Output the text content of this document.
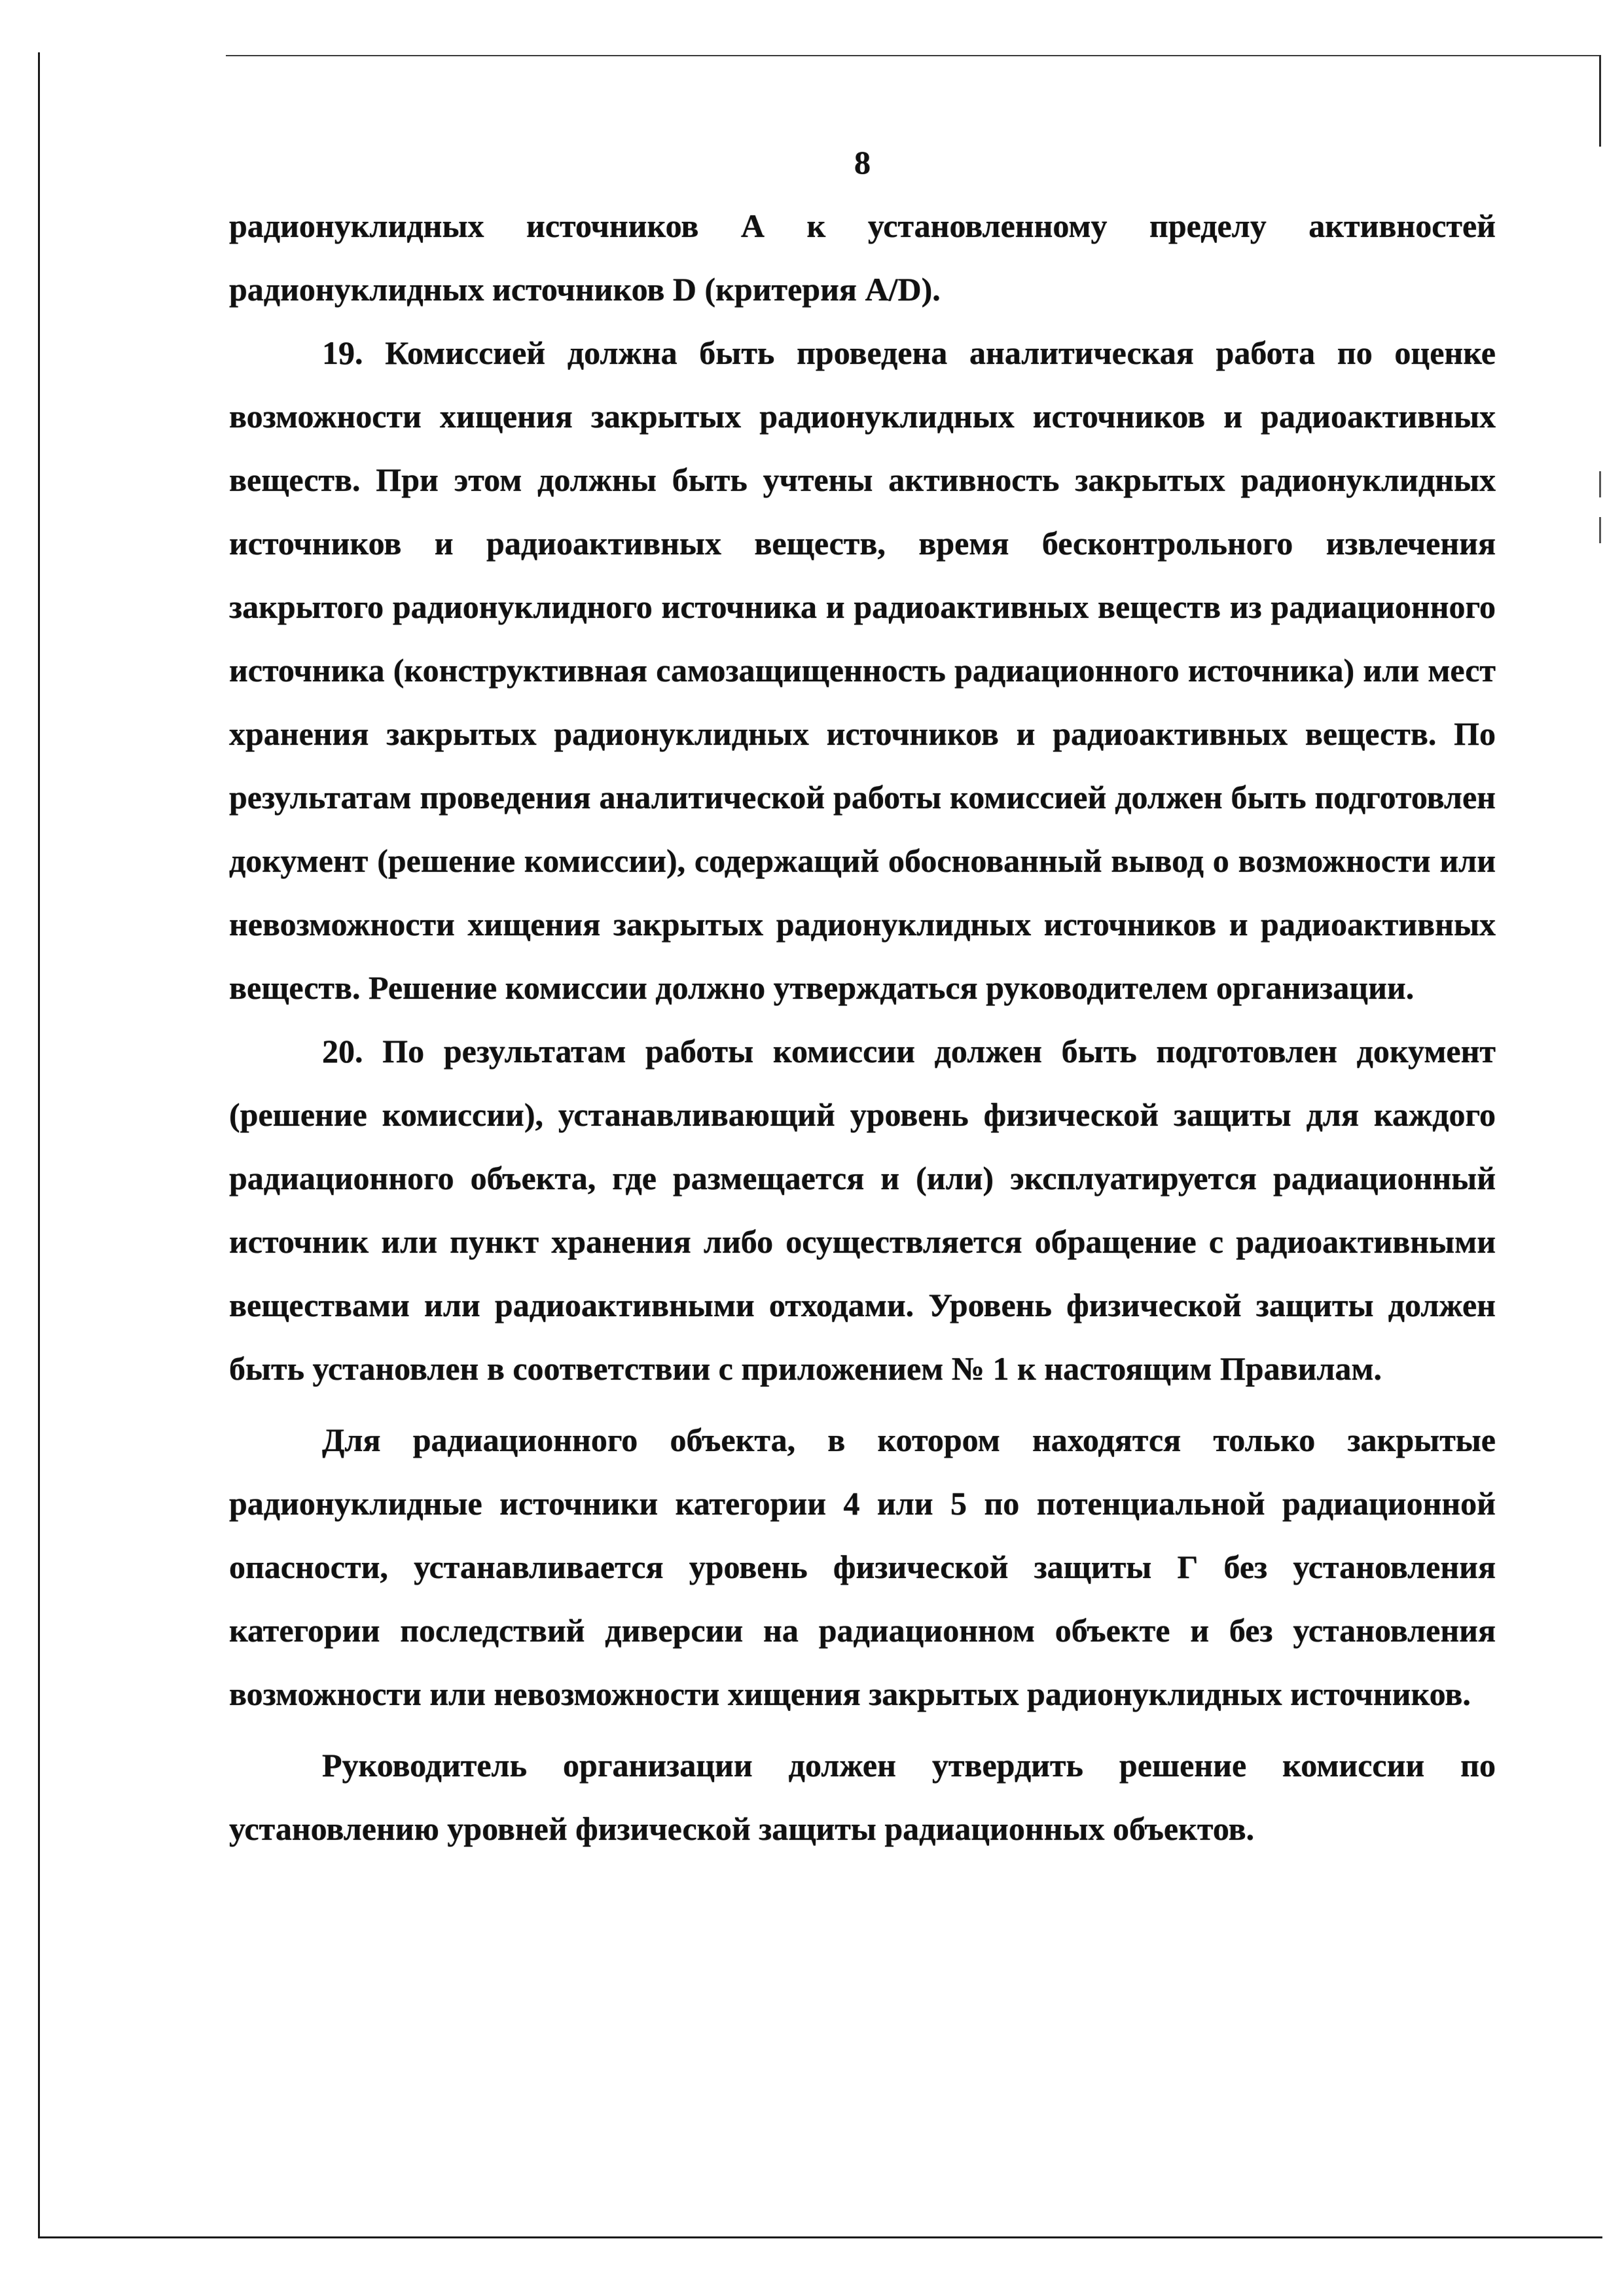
8

радионуклидных источников А к установленному пределу активностей радионуклидных источников D (критерия A/D).

19. Комиссией должна быть проведена аналитическая работа по оценке возможности хищения закрытых радионуклидных источников и радиоактивных веществ. При этом должны быть учтены активность закрытых радионуклидных источников и радиоактивных веществ, время бесконтрольного извлечения закрытого радионуклидного источника и радиоактивных веществ из радиационного источника (конструктивная самозащищенность радиационного источника) или мест хранения закрытых радионуклидных источников и радиоактивных веществ. По результатам проведения аналитической работы комиссией должен быть подготовлен документ (решение комиссии), содержащий обоснованный вывод о возможности или невозможности хищения закрытых радионуклидных источников и радиоактивных веществ. Решение комиссии должно утверждаться руководителем организации.

20. По результатам работы комиссии должен быть подготовлен документ (решение комиссии), устанавливающий уровень физической защиты для каждого радиационного объекта, где размещается и (или) эксплуатируется радиационный источник или пункт хранения либо осуществляется обращение с радиоактивными веществами или радиоактивными отходами. Уровень физической защиты должен быть установлен в соответствии с приложением № 1 к настоящим Правилам.

Для радиационного объекта, в котором находятся только закрытые радионуклидные источники категории 4 или 5 по потенциальной радиационной опасности, устанавливается уровень физической защиты Г без установления категории последствий диверсии на радиационном объекте и без установления возможности или невозможности хищения закрытых радионуклидных источников.

Руководитель организации должен утвердить решение комиссии по установлению уровней физической защиты радиационных объектов.
